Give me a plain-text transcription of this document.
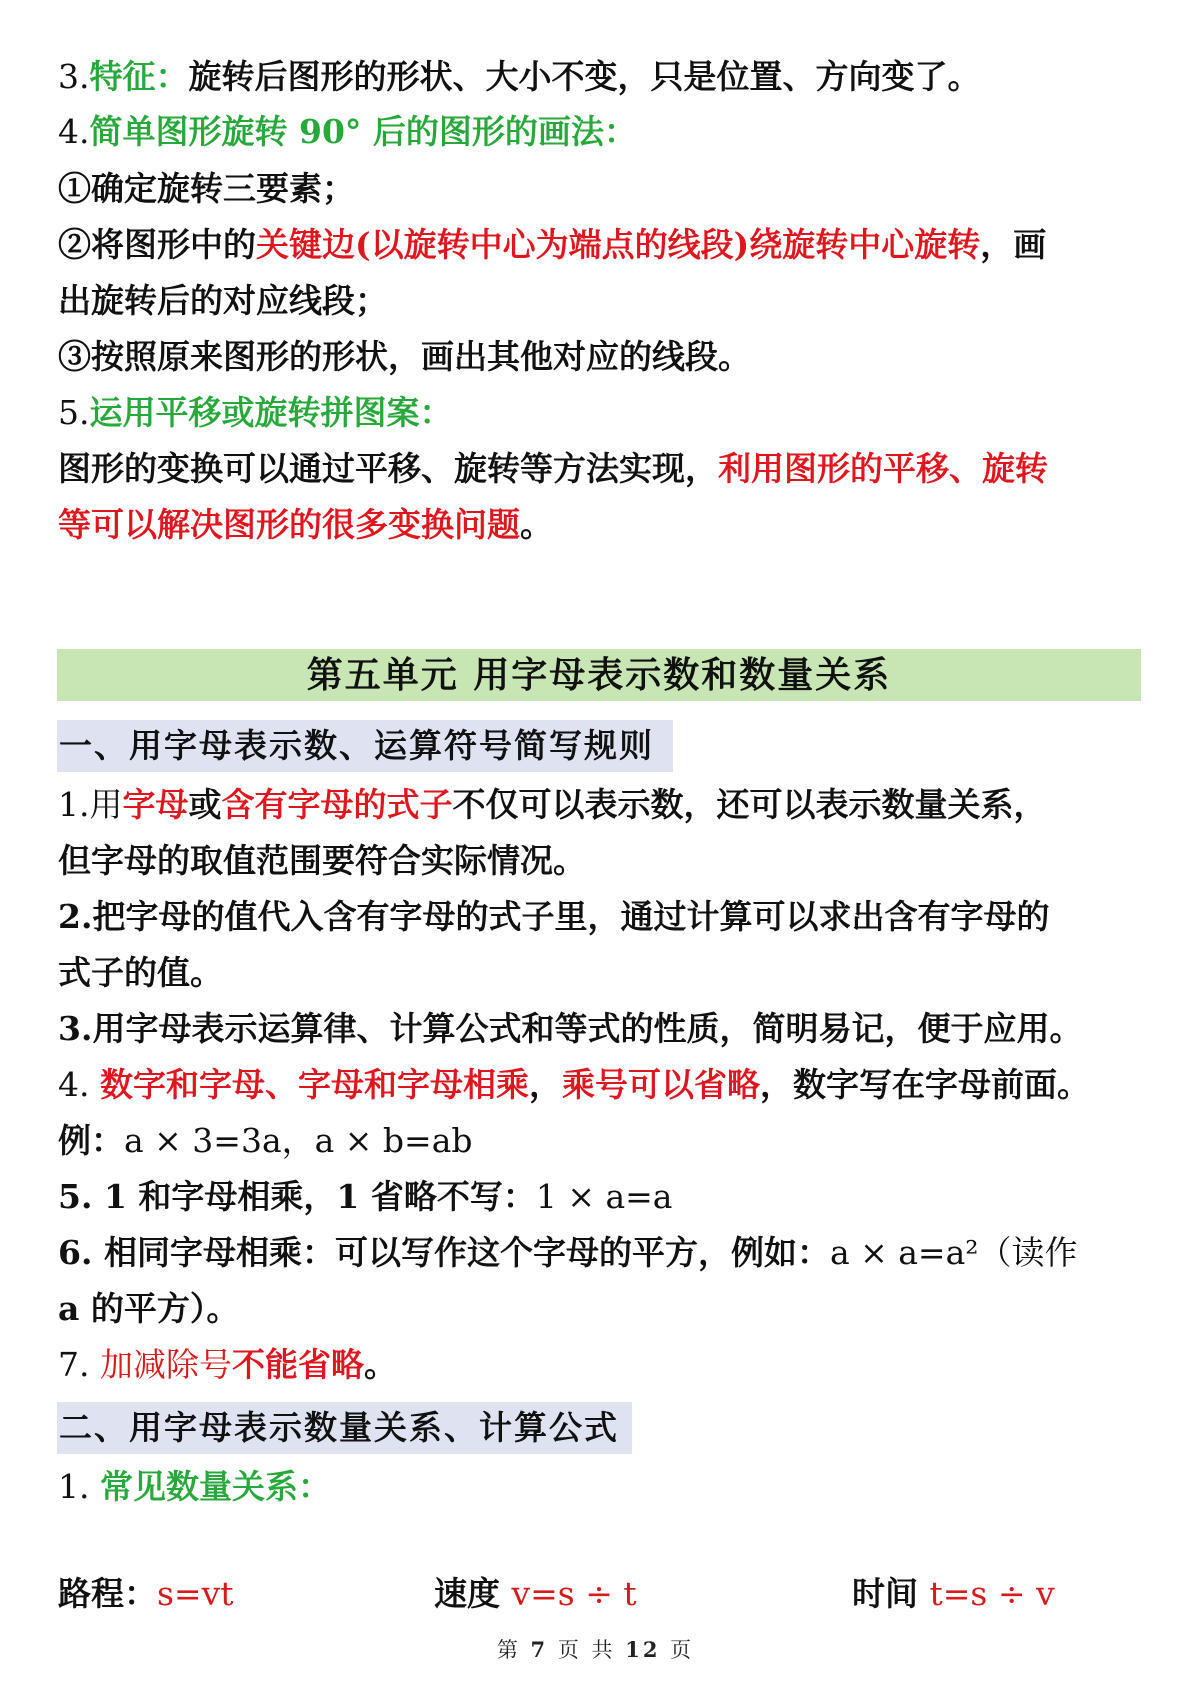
3.特征：旋转后图形的形状、大小不变，只是位置、方向变了。
4.简单图形旋转 90° 后的图形的画法：
①确定旋转三要素；
②将图形中的关键边(以旋转中心为端点的线段)绕旋转中心旋转，画
出旋转后的对应线段；
③按照原来图形的形状，画出其他对应的线段。
5.运用平移或旋转拼图案：
图形的变换可以通过平移、旋转等方法实现，利用图形的平移、旋转
等可以解决图形的很多变换问题。
第五单元 用字母表示数和数量关系
一、用字母表示数、运算符号简写规则
1.用字母或含有字母的式子不仅可以表示数，还可以表示数量关系，
但字母的取值范围要符合实际情况。
2.把字母的值代入含有字母的式子里，通过计算可以求出含有字母的
式子的值。
3.用字母表示运算律、计算公式和等式的性质，简明易记，便于应用。
4. 数字和字母、字母和字母相乘，乘号可以省略，数字写在字母前面。
例：a × 3=3a，a × b=ab
5. 1 和字母相乘，1 省略不写：1 × a=a
6. 相同字母相乘：可以写作这个字母的平方，例如：a × a=a²（读作
a 的平方）。
7. 加减除号不能省略。
二、用字母表示数量关系、计算公式
1. 常见数量关系：
路程：s=vt	速度 v=s ÷ t	时间 t=s ÷ v
第 7 页 共 12 页
